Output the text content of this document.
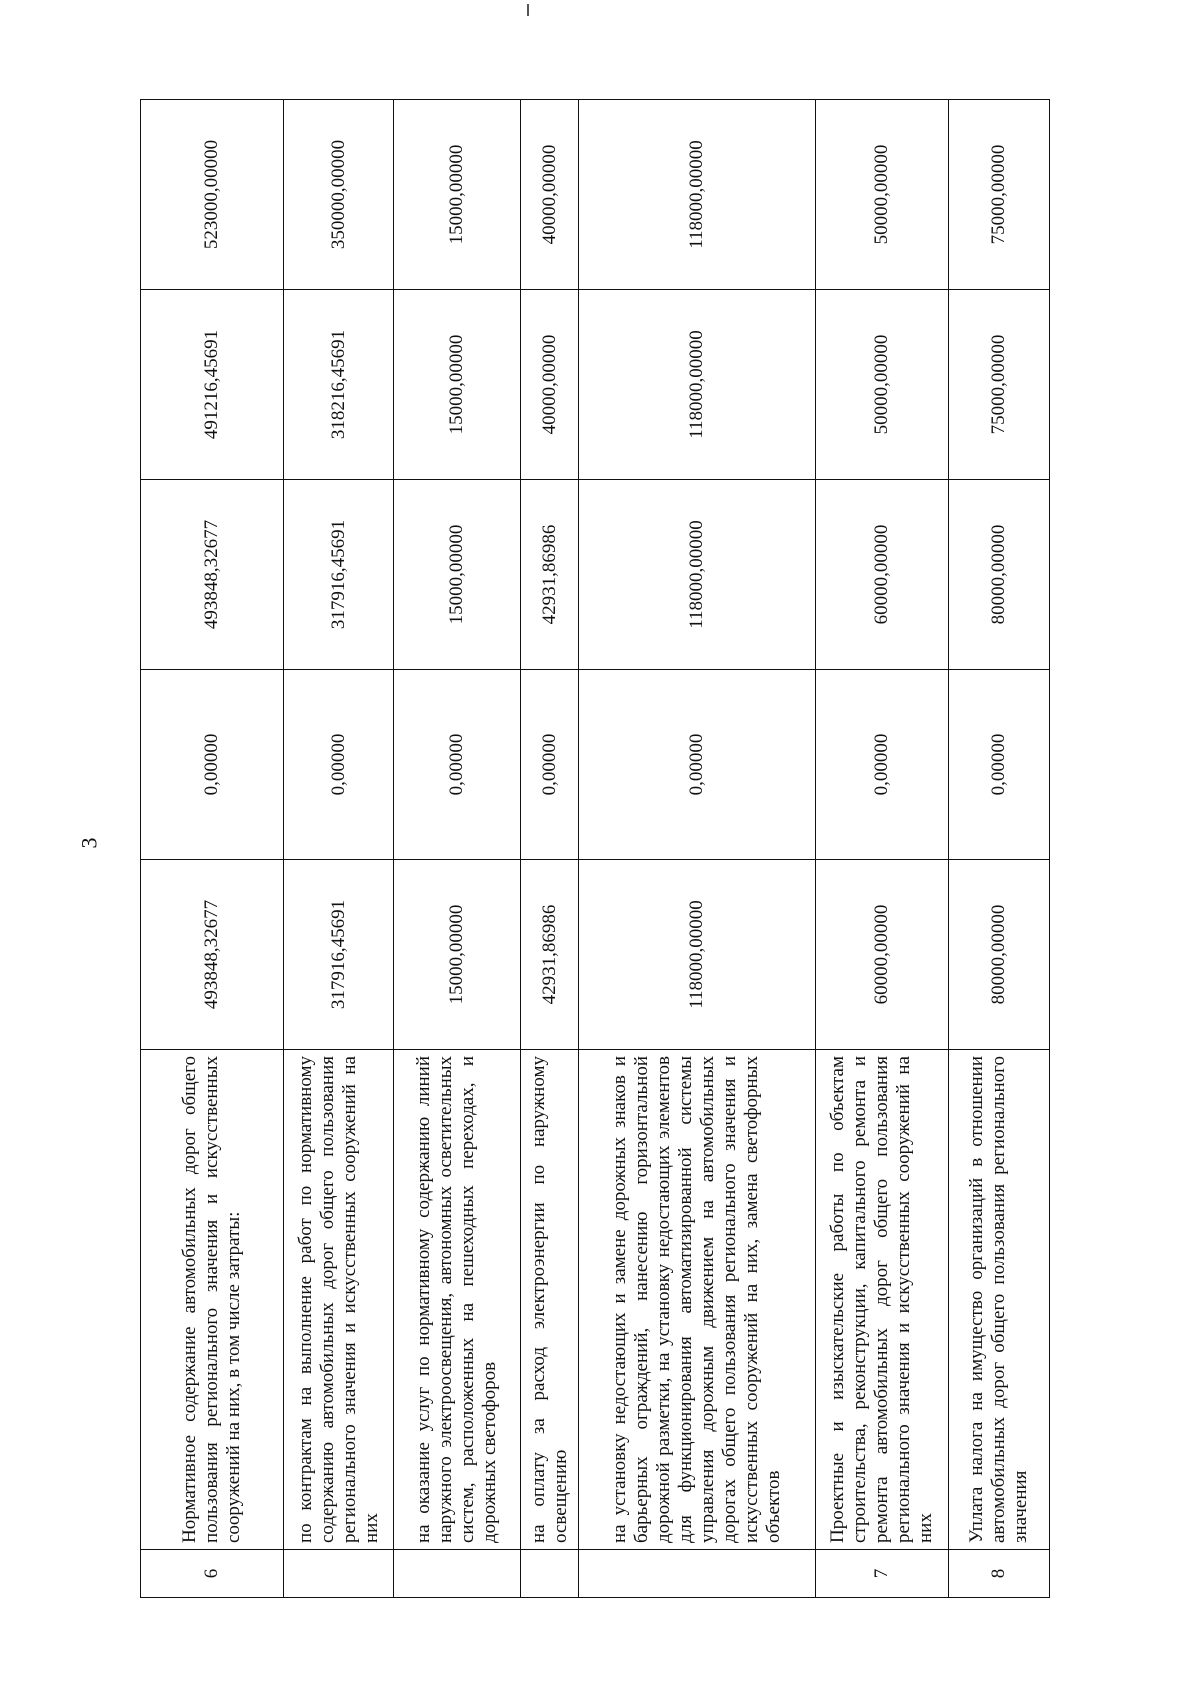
3
6	Нормативное содержание автомобильных дорог общего пользования регионального значения и искусственных сооружений на них, в том числе затраты:	493848,32677	0,00000	493848,32677	491216,45691	523000,00000
	по контрактам на выполнение работ по нормативному содержанию автомобильных дорог общего пользования регионального значения и искусственных сооружений на них	317916,45691	0,00000	317916,45691	318216,45691	350000,00000
	на оказание услуг по нормативному содержанию линий наружного электроосвещения, автономных осветительных систем, расположенных на пешеходных переходах, и дорожных светофоров	15000,00000	0,00000	15000,00000	15000,00000	15000,00000
	на оплату за расход электроэнергии по наружному освещению	42931,86986	0,00000	42931,86986	40000,00000	40000,00000
	на установку недостающих и замене дорожных знаков и барьерных ограждений, нанесению горизонтальной дорожной разметки, на установку недостающих элементов для функционирования автоматизированной системы управления дорожным движением на автомобильных дорогах общего пользования регионального значения и искусственных сооружений на них, замена светофорных объектов	118000,00000	0,00000	118000,00000	118000,00000	118000,00000
7	Проектные и изыскательские работы по объектам строительства, реконструкции, капитального ремонта и ремонта автомобильных дорог общего пользования регионального значения и искусственных сооружений на них	60000,00000	0,00000	60000,00000	50000,00000	50000,00000
8	Уплата налога на имущество организаций в отношении автомобильных дорог общего пользования регионального значения	80000,00000	0,00000	80000,00000	75000,00000	75000,00000
